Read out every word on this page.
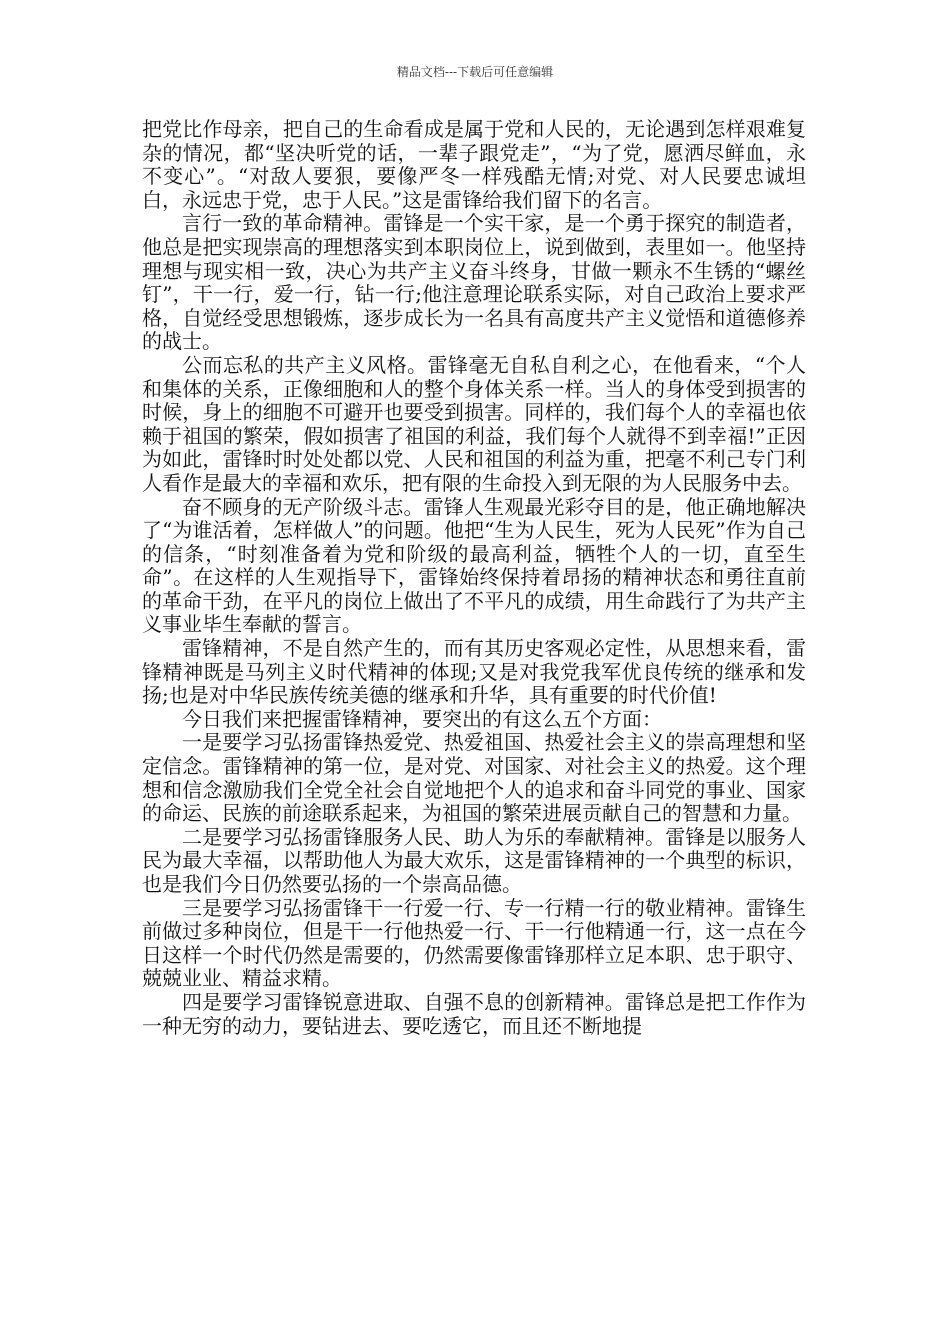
精品文档---下载后可任意编辑

把党比作母亲，把自己的生命看成是属于党和人民的，无论遇到怎样艰难复杂的情况，都“坚决听党的话，一辈子跟党走”，“为了党，愿洒尽鲜血，永不变心”。“对敌人要狠，要像严冬一样残酷无情;对党、对人民要忠诚坦白，永远忠于党，忠于人民。”这是雷锋给我们留下的名言。

言行一致的革命精神。雷锋是一个实干家，是一个勇于探究的制造者，他总是把实现崇高的理想落实到本职岗位上，说到做到，表里如一。他坚持理想与现实相一致，决心为共产主义奋斗终身，甘做一颗永不生锈的“螺丝钉”，干一行，爱一行，钻一行;他注意理论联系实际，对自己政治上要求严格，自觉经受思想锻炼，逐步成长为一名具有高度共产主义觉悟和道德修养的战士。

公而忘私的共产主义风格。雷锋毫无自私自利之心，在他看来，“个人和集体的关系，正像细胞和人的整个身体关系一样。当人的身体受到损害的时候，身上的细胞不可避开也要受到损害。同样的，我们每个人的幸福也依赖于祖国的繁荣，假如损害了祖国的利益，我们每个人就得不到幸福!”正因为如此，雷锋时时处处都以党、人民和祖国的利益为重，把毫不利己专门利人看作是最大的幸福和欢乐，把有限的生命投入到无限的为人民服务中去。

奋不顾身的无产阶级斗志。雷锋人生观最光彩夺目的是，他正确地解决了“为谁活着，怎样做人”的问题。他把“生为人民生，死为人民死”作为自己的信条，“时刻准备着为党和阶级的最高利益，牺牲个人的一切，直至生命”。在这样的人生观指导下，雷锋始终保持着昂扬的精神状态和勇往直前的革命干劲，在平凡的岗位上做出了不平凡的成绩，用生命践行了为共产主义事业毕生奉献的誓言。

雷锋精神，不是自然产生的，而有其历史客观必定性，从思想来看，雷锋精神既是马列主义时代精神的体现;又是对我党我军优良传统的继承和发扬;也是对中华民族传统美德的继承和升华，具有重要的时代价值!

今日我们来把握雷锋精神，要突出的有这么五个方面：

一是要学习弘扬雷锋热爱党、热爱祖国、热爱社会主义的崇高理想和坚定信念。雷锋精神的第一位，是对党、对国家、对社会主义的热爱。这个理想和信念激励我们全党全社会自觉地把个人的追求和奋斗同党的事业、国家的命运、民族的前途联系起来，为祖国的繁荣进展贡献自己的智慧和力量。

二是要学习弘扬雷锋服务人民、助人为乐的奉献精神。雷锋是以服务人民为最大幸福，以帮助他人为最大欢乐，这是雷锋精神的一个典型的标识，也是我们今日仍然要弘扬的一个崇高品德。

三是要学习弘扬雷锋干一行爱一行、专一行精一行的敬业精神。雷锋生前做过多种岗位，但是干一行他热爱一行、干一行他精通一行，这一点在今日这样一个时代仍然是需要的，仍然需要像雷锋那样立足本职、忠于职守、兢兢业业、精益求精。

四是要学习雷锋锐意进取、自强不息的创新精神。雷锋总是把工作作为一种无穷的动力，要钻进去、要吃透它，而且还不断地提
